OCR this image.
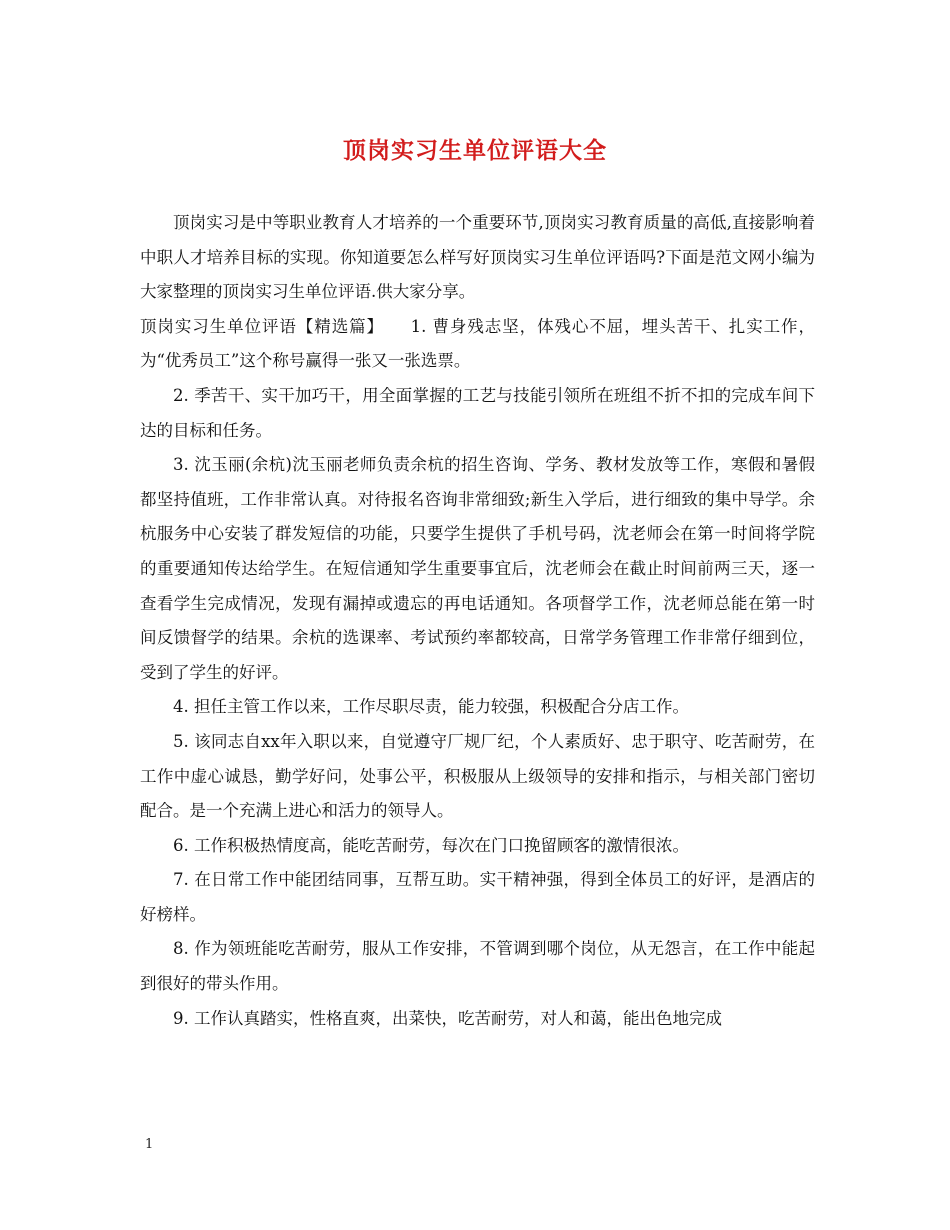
顶岗实习生单位评语大全

顶岗实习是中等职业教育人才培养的一个重要环节,顶岗实习教育质量的高低,直接影响着中职人才培养目标的实现。你知道要怎么样写好顶岗实习生单位评语吗?下面是范文网小编为大家整理的顶岗实习生单位评语.供大家分享。

顶岗实习生单位评语【精选篇】　　1. 曹身残志坚，体残心不屈，埋头苦干、扎实工作，为“优秀员工”这个称号赢得一张又一张选票。

2. 季苦干、实干加巧干，用全面掌握的工艺与技能引领所在班组不折不扣的完成车间下达的目标和任务。

3. 沈玉丽(余杭)沈玉丽老师负责余杭的招生咨询、学务、教材发放等工作，寒假和暑假都坚持值班，工作非常认真。对待报名咨询非常细致;新生入学后，进行细致的集中导学。余杭服务中心安装了群发短信的功能，只要学生提供了手机号码，沈老师会在第一时间将学院的重要通知传达给学生。在短信通知学生重要事宜后，沈老师会在截止时间前两三天，逐一查看学生完成情况，发现有漏掉或遗忘的再电话通知。各项督学工作，沈老师总能在第一时间反馈督学的结果。余杭的选课率、考试预约率都较高，日常学务管理工作非常仔细到位，受到了学生的好评。

4. 担任主管工作以来，工作尽职尽责，能力较强，积极配合分店工作。

5. 该同志自xx年入职以来，自觉遵守厂规厂纪，个人素质好、忠于职守、吃苦耐劳，在工作中虚心诚恳，勤学好问，处事公平，积极服从上级领导的安排和指示，与相关部门密切配合。是一个充满上进心和活力的领导人。

6. 工作积极热情度高，能吃苦耐劳，每次在门口挽留顾客的激情很浓。

7. 在日常工作中能团结同事，互帮互助。实干精神强，得到全体员工的好评，是酒店的好榜样。

8. 作为领班能吃苦耐劳，服从工作安排，不管调到哪个岗位，从无怨言，在工作中能起到很好的带头作用。

9. 工作认真踏实，性格直爽，出菜快，吃苦耐劳，对人和蔼，能出色地完成

1
